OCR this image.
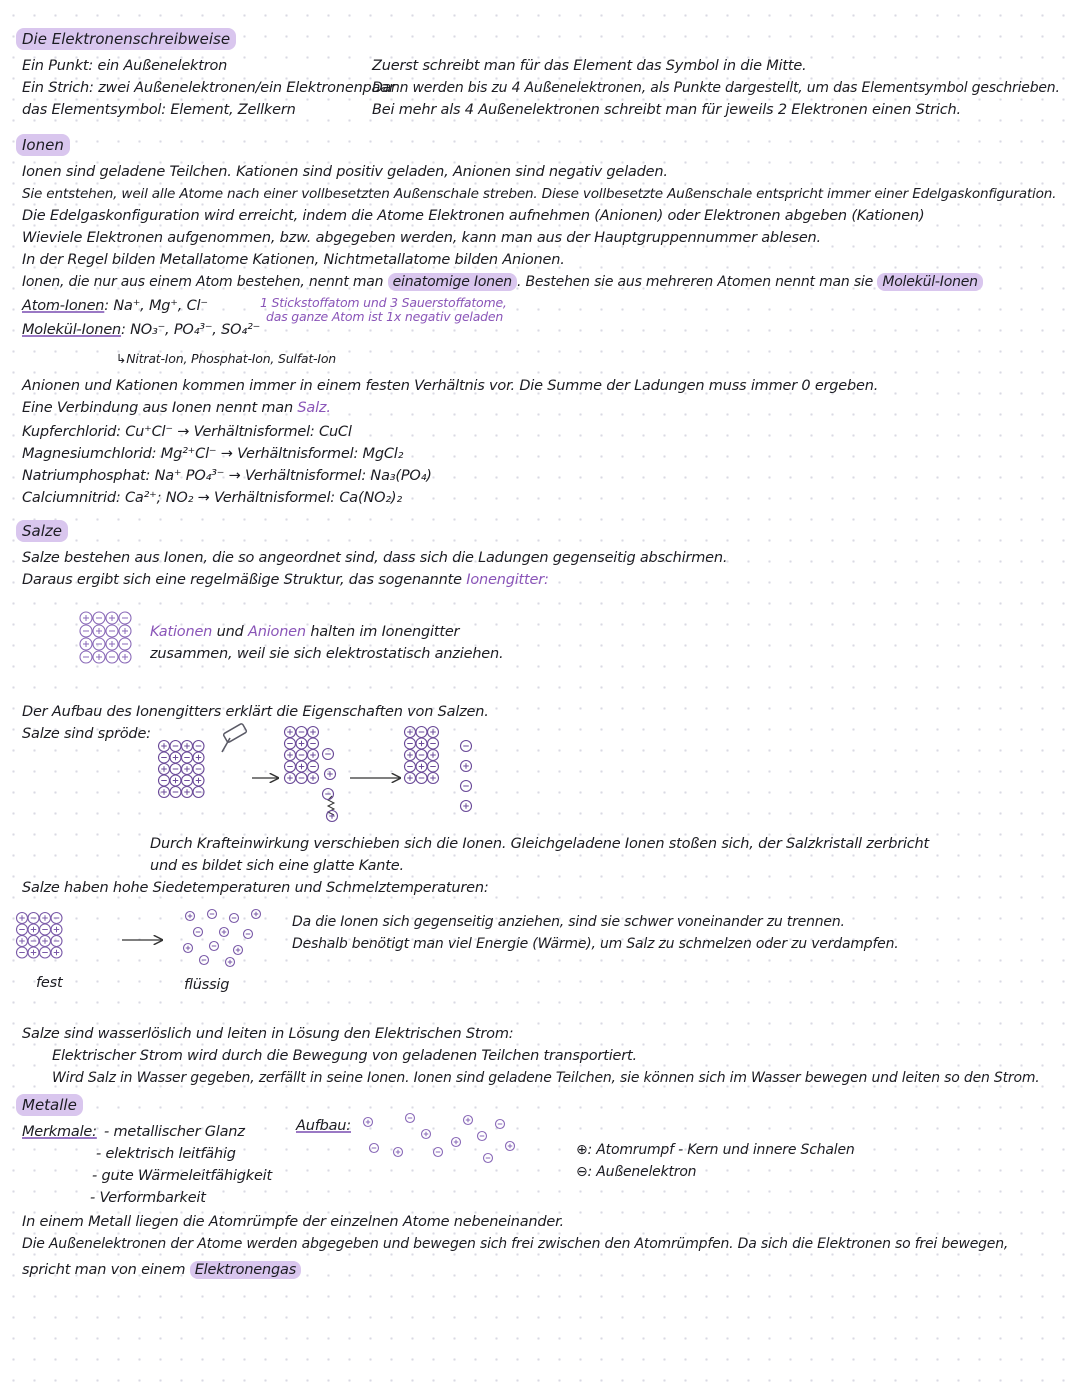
Die Elektronenschreibweise
Ein Punkt: ein Außenelektron
Ein Strich: zwei Außenelektronen/ein Elektronenpaar
das Elementsymbol: Element, Zellkern
Zuerst schreibt man für das Element das Symbol in die Mitte.
Dann werden bis zu 4 Außenelektronen, als Punkte dargestellt, um das Elementsymbol geschrieben.
Bei mehr als 4 Außenelektronen schreibt man für jeweils 2 Elektronen einen Strich.
Ionen
Ionen sind geladene Teilchen. Kationen sind positiv geladen, Anionen sind negativ geladen.
Sie entstehen, weil alle Atome nach einer vollbesetzten Außenschale streben. Diese vollbesetzte Außenschale entspricht immer einer Edelgaskonfiguration.
Die Edelgaskonfiguration wird erreicht, indem die Atome Elektronen aufnehmen (Anionen) oder Elektronen abgeben (Kationen)
Wieviele Elektronen aufgenommen, bzw. abgegeben werden, kann man aus der Hauptgruppennummer ablesen.
In der Regel bilden Metallatome Kationen, Nichtmetallatome bilden Anionen.
Ionen, die nur aus einem Atom bestehen, nennt man einatomige Ionen . Bestehen sie aus mehreren Atomen nennt man sie Molekül-Ionen
Atom-Ionen: Na⁺, Mg⁺, Cl⁻	1 Stickstoffatom und 3 Sauerstoffatome,
das ganze Atom ist 1x negativ geladen
Molekül-Ionen: NO₃⁻, PO₄³⁻, SO₄²⁻
↳Nitrat-Ion, Phosphat-Ion, Sulfat-Ion
Anionen und Kationen kommen immer in einem festen Verhältnis vor. Die Summe der Ladungen muss immer 0 ergeben.
Eine Verbindung aus Ionen nennt man Salz.
Kupferchlorid: Cu⁺Cl⁻ → Verhältnisformel: CuCl
Magnesiumchlorid: Mg²⁺Cl⁻ → Verhältnisformel: MgCl₂
Natriumphosphat: Na⁺ PO₄³⁻ → Verhältnisformel: Na₃(PO₄)
Calciumnitrid: Ca²⁺; NO₂ → Verhältnisformel: Ca(NO₂)₂
Salze
Salze bestehen aus Ionen, die so angeordnet sind, dass sich die Ladungen gegenseitig abschirmen.
Daraus ergibt sich eine regelmäßige Struktur, das sogenannte Ionengitter:
Kationen und Anionen halten im Ionengitter
zusammen, weil sie sich elektrostatisch anziehen.
Der Aufbau des Ionengitters erklärt die Eigenschaften von Salzen.
Salze sind spröde:
Durch Krafteinwirkung verschieben sich die Ionen. Gleichgeladene Ionen stoßen sich, der Salzkristall zerbricht
und es bildet sich eine glatte Kante.
Salze haben hohe Siedetemperaturen und Schmelztemperaturen:
fest	flüssig
Da die Ionen sich gegenseitig anziehen, sind sie schwer voneinander zu trennen.
Deshalb benötigt man viel Energie (Wärme), um Salz zu schmelzen oder zu verdampfen.
Salze sind wasserlöslich und leiten in Lösung den Elektrischen Strom:
Elektrischer Strom wird durch die Bewegung von geladenen Teilchen transportiert.
Wird Salz in Wasser gegeben, zerfällt in seine Ionen. Ionen sind geladene Teilchen, sie können sich im Wasser bewegen und leiten so den Strom.
Metalle
Merkmale: - metallischer Glanz
- elektrisch leitfähig
- gute Wärmeleitfähigkeit
- Verformbarkeit
Aufbau:
⊕: Atomrumpf - Kern und innere Schalen
⊖: Außenelektron
In einem Metall liegen die Atomrümpfe der einzelnen Atome nebeneinander.
Die Außenelektronen der Atome werden abgegeben und bewegen sich frei zwischen den Atomrümpfen. Da sich die Elektronen so frei bewegen,
spricht man von einem Elektronengas
